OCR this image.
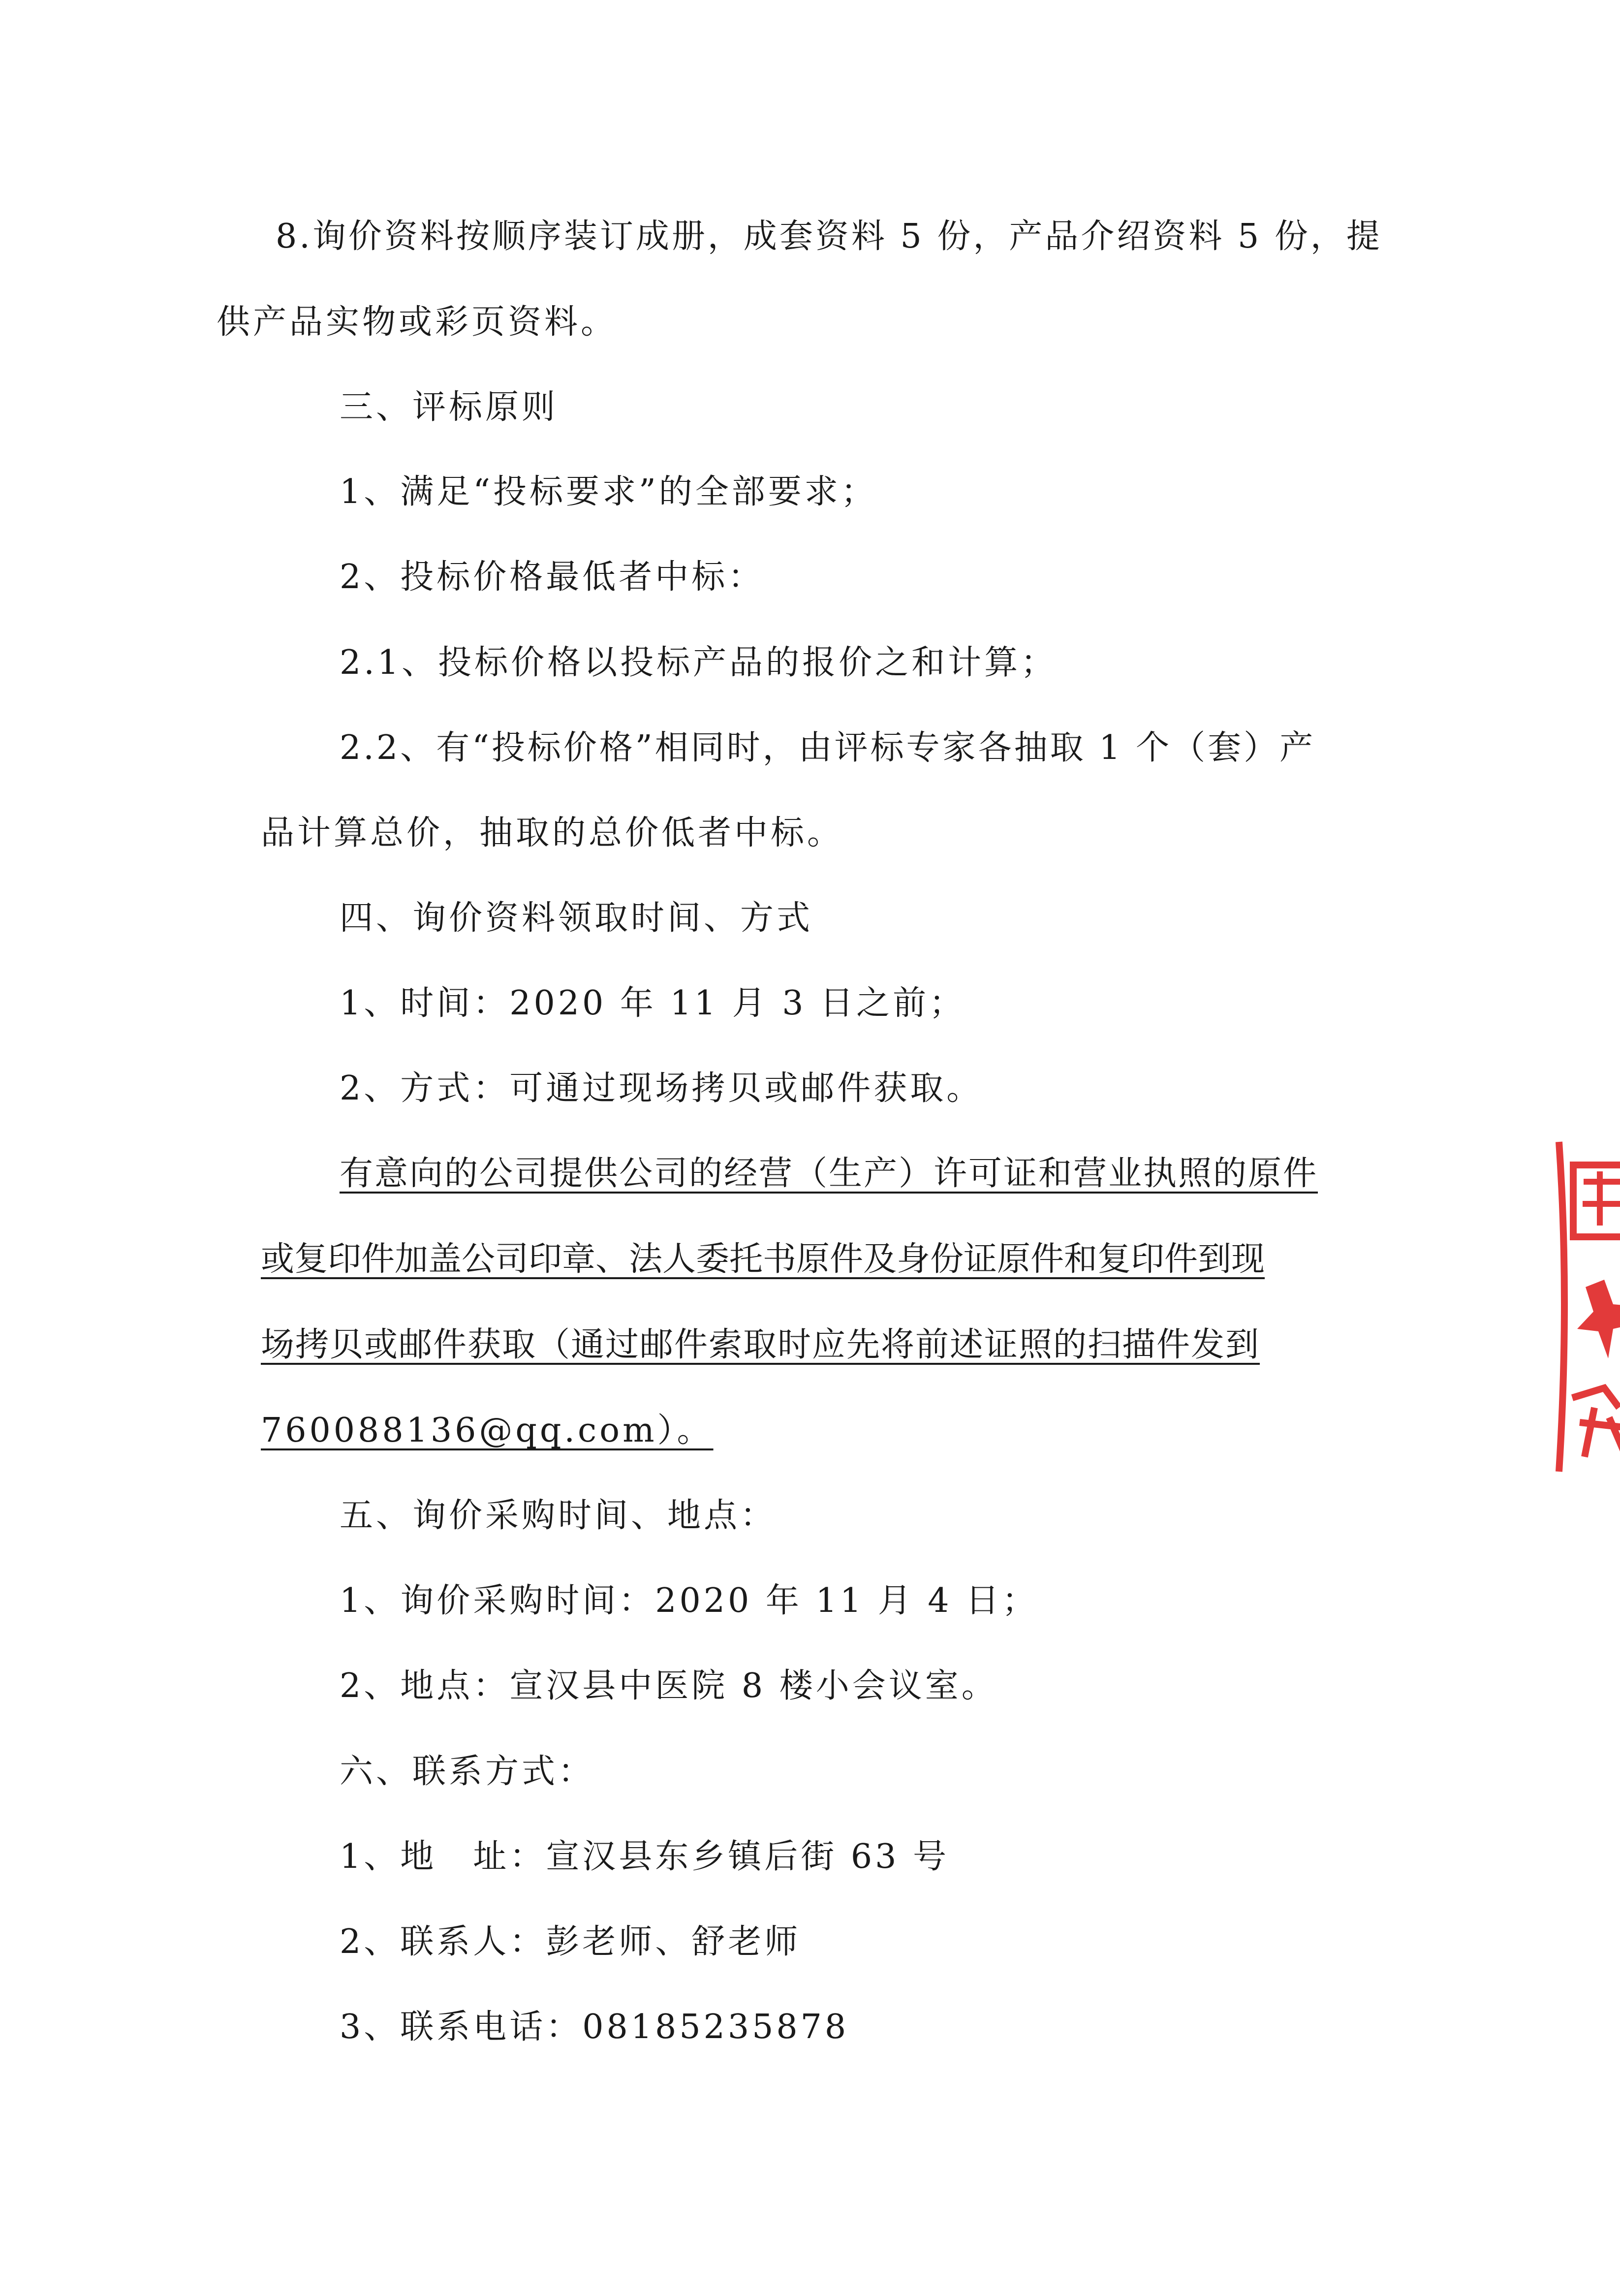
8.询价资料按顺序装订成册，成套资料 5 份，产品介绍资料 5 份，提
供产品实物或彩页资料。
三、评标原则
1、满足“投标要求”的全部要求；
2、投标价格最低者中标：
2.1、投标价格以投标产品的报价之和计算；
2.2、有“投标价格”相同时，由评标专家各抽取 1 个（套）产
品计算总价，抽取的总价低者中标。
四、询价资料领取时间、方式
1、时间：2020 年 11 月 3 日之前；
2、方式：可通过现场拷贝或邮件获取。
有意向的公司提供公司的经营（生产）许可证和营业执照的原件
或复印件加盖公司印章、法人委托书原件及身份证原件和复印件到现
场拷贝或邮件获取（通过邮件索取时应先将前述证照的扫描件发到
760088136@qq.com）。
五、询价采购时间、地点：
1、询价采购时间：2020 年 11 月 4 日；
2、地点：宣汉县中医院 8 楼小会议室。
六、联系方式：
1、地　址：宣汉县东乡镇后街 63 号
2、联系人：彭老师、舒老师
3、联系电话：08185235878
